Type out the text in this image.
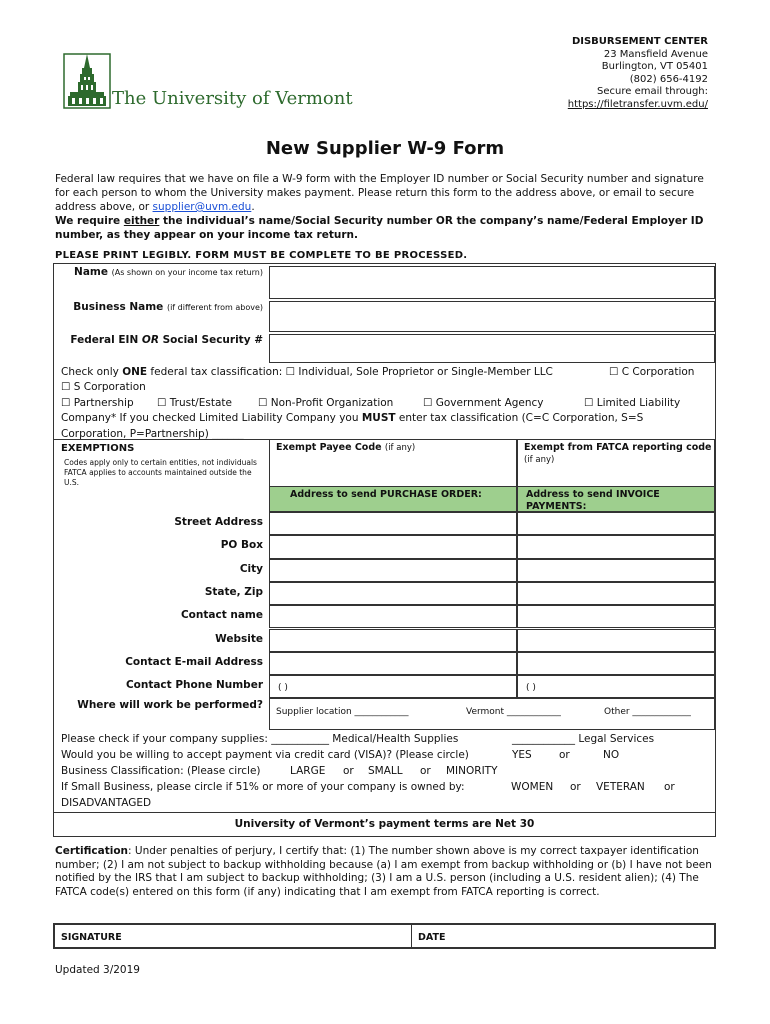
The University of Vermont
DISBURSEMENT CENTER
23 Mansfield Avenue
Burlington, VT 05401
(802) 656-4192
Secure email through:
https://filetransfer.uvm.edu/
New Supplier W-9 Form
Federal law requires that we have on file a W-9 form with the Employer ID number or Social Security number and signature for each person to whom the University makes payment. Please return this form to the address above, or email to secure address above, or supplier@uvm.edu.
We require either the individual’s name/Social Security number OR the company’s name/Federal Employer ID number, as they appear on your income tax return.
PLEASE PRINT LEGIBLY. FORM MUST BE COMPLETE TO BE PROCESSED.
Name (As shown on your income tax return)
Business Name (if different from above)
Federal EIN OR Social Security #
Check only ONE federal tax classification: ☐ Individual, Sole Proprietor or Single-Member LLC	☐ C Corporation
☐ S Corporation
☐ Partnership ☐ Trust/Estate ☐ Non-Profit Organization	☐ Government Agency	☐ Limited Liability
Company* If you checked Limited Liability Company you MUST enter tax classification (C=C Corporation, S=S
Corporation, P=Partnership) ______
EXEMPTIONS
Codes apply only to certain entities, not individuals
FATCA applies to accounts maintained outside the U.S.
Exempt Payee Code (if any)	Exempt from FATCA reporting code
(if any)
Address to send PURCHASE ORDER:	Address to send INVOICE PAYMENTS:
Street Address
PO Box
City
State, Zip
Contact name
Website
Contact E-mail Address
Contact Phone Number	( )	( )
Where will work be performed?
Supplier location ____________	Vermont ____________	Other _____________
Please check if your company supplies: ___________ Medical/Health Supplies	____________ Legal Services
Would you be willing to accept payment via credit card (VISA)? (Please circle)	YES	or	NO
Business Classification: (Please circle)	LARGE or SMALL or MINORITY
If Small Business, please circle if 51% or more of your company is owned by:	WOMEN or VETERAN or
DISADVANTAGED
University of Vermont’s payment terms are Net 30
Certification: Under penalties of perjury, I certify that: (1) The number shown above is my correct taxpayer identification number; (2) I am not subject to backup withholding because (a) I am exempt from backup withholding or (b) I have not been notified by the IRS that I am subject to backup withholding; (3) I am a U.S. person (including a U.S. resident alien); (4) The FATCA code(s) entered on this form (if any) indicating that I am exempt from FATCA reporting is correct.
SIGNATURE	DATE
Updated 3/2019
